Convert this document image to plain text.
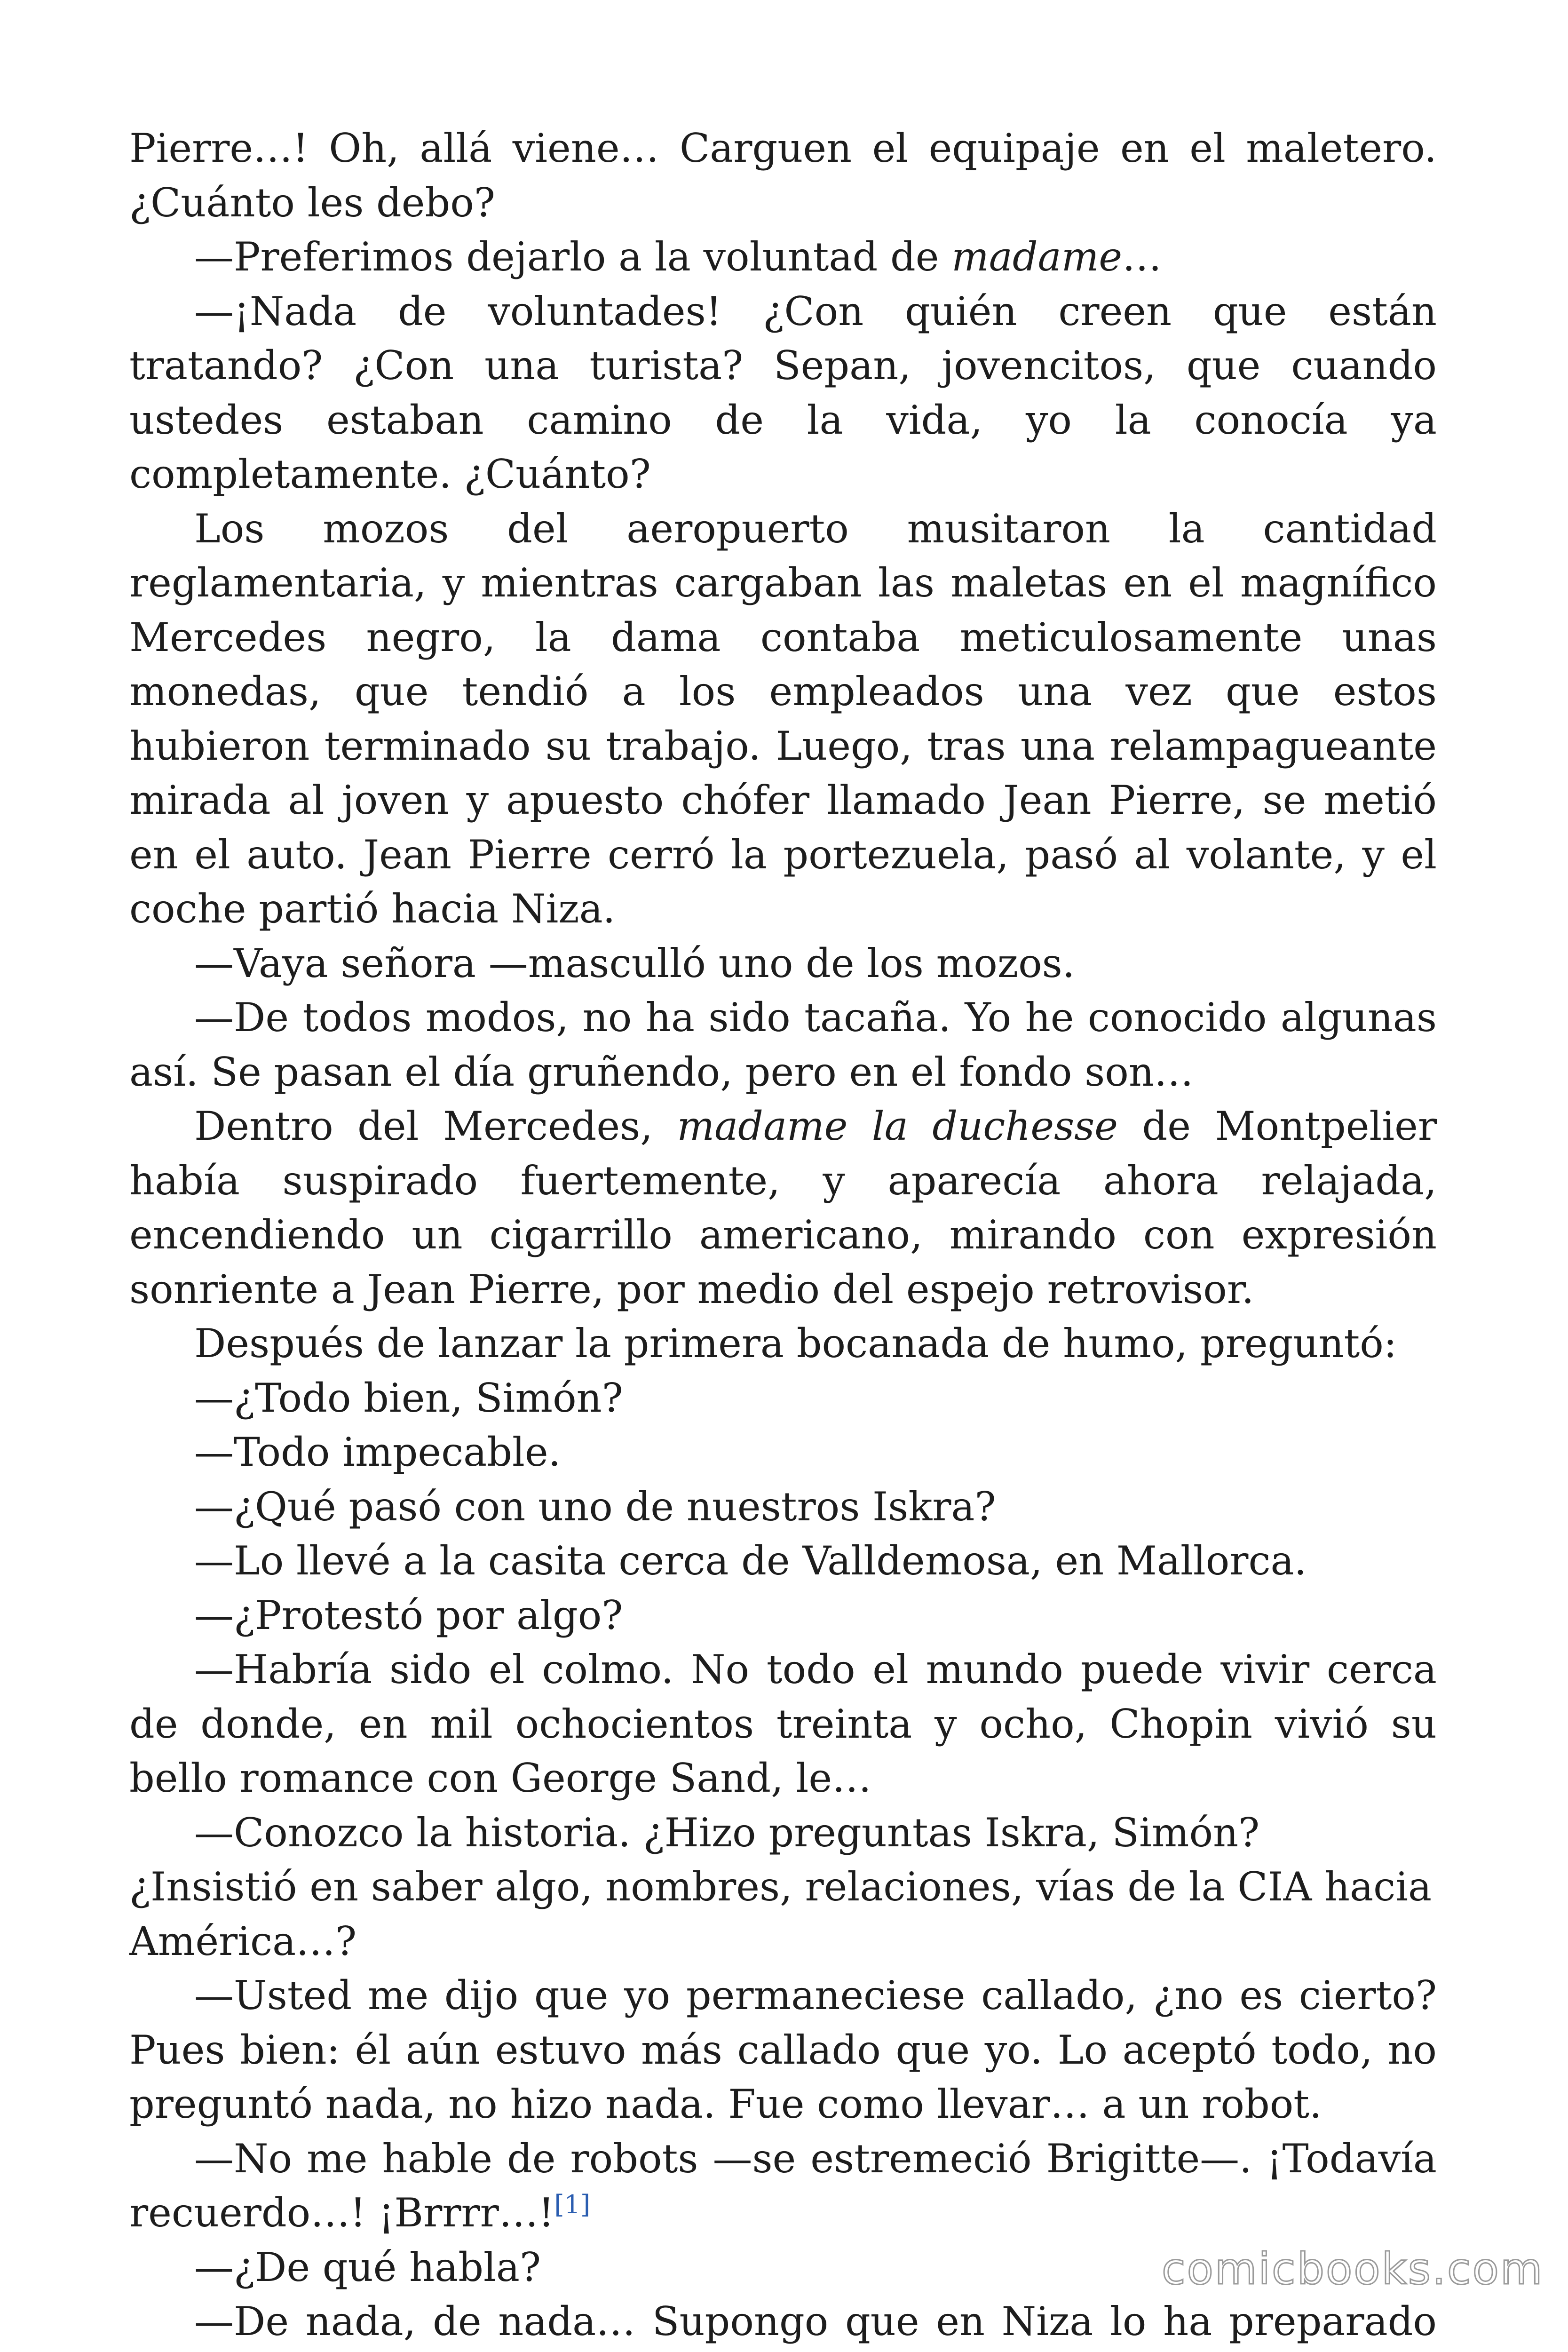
Pierre…! Oh, allá viene… Carguen el equipaje en el maletero. ¿Cuánto les debo?

—Preferimos dejarlo a la voluntad de madame…

—¡Nada de voluntades! ¿Con quién creen que están tratando? ¿Con una turista? Sepan, jovencitos, que cuando ustedes estaban camino de la vida, yo la conocía ya completamente. ¿Cuánto?

Los mozos del aeropuerto musitaron la cantidad reglamentaria, y mientras cargaban las maletas en el magnífico Mercedes negro, la dama contaba meticulosamente unas monedas, que tendió a los empleados una vez que estos hubieron terminado su trabajo. Luego, tras una relampagueante mirada al joven y apuesto chófer llamado Jean Pierre, se metió en el auto. Jean Pierre cerró la portezuela, pasó al volante, y el coche partió hacia Niza.

—Vaya señora —masculló uno de los mozos.

—De todos modos, no ha sido tacaña. Yo he conocido algunas así. Se pasan el día gruñendo, pero en el fondo son…

Dentro del Mercedes, madame la duchesse de Montpelier había suspirado fuertemente, y aparecía ahora relajada, encendiendo un cigarrillo americano, mirando con expresión sonriente a Jean Pierre, por medio del espejo retrovisor.

Después de lanzar la primera bocanada de humo, preguntó:

—¿Todo bien, Simón?

—Todo impecable.

—¿Qué pasó con uno de nuestros Iskra?

—Lo llevé a la casita cerca de Valldemosa, en Mallorca.

—¿Protestó por algo?

—Habría sido el colmo. No todo el mundo puede vivir cerca de donde, en mil ochocientos treinta y ocho, Chopin vivió su bello romance con George Sand, le…

—Conozco la historia. ¿Hizo preguntas Iskra, Simón? ¿Insistió en saber algo, nombres, relaciones, vías de la CIA hacia América…?

—Usted me dijo que yo permaneciese callado, ¿no es cierto? Pues bien: él aún estuvo más callado que yo. Lo aceptó todo, no preguntó nada, no hizo nada. Fue como llevar… a un robot.

—No me hable de robots —se estremeció Brigitte—. ¡Todavía recuerdo…! ¡Brrrr…![1]

—¿De qué habla?

—De nada, de nada… Supongo que en Niza lo ha preparado

comicbooks.com
